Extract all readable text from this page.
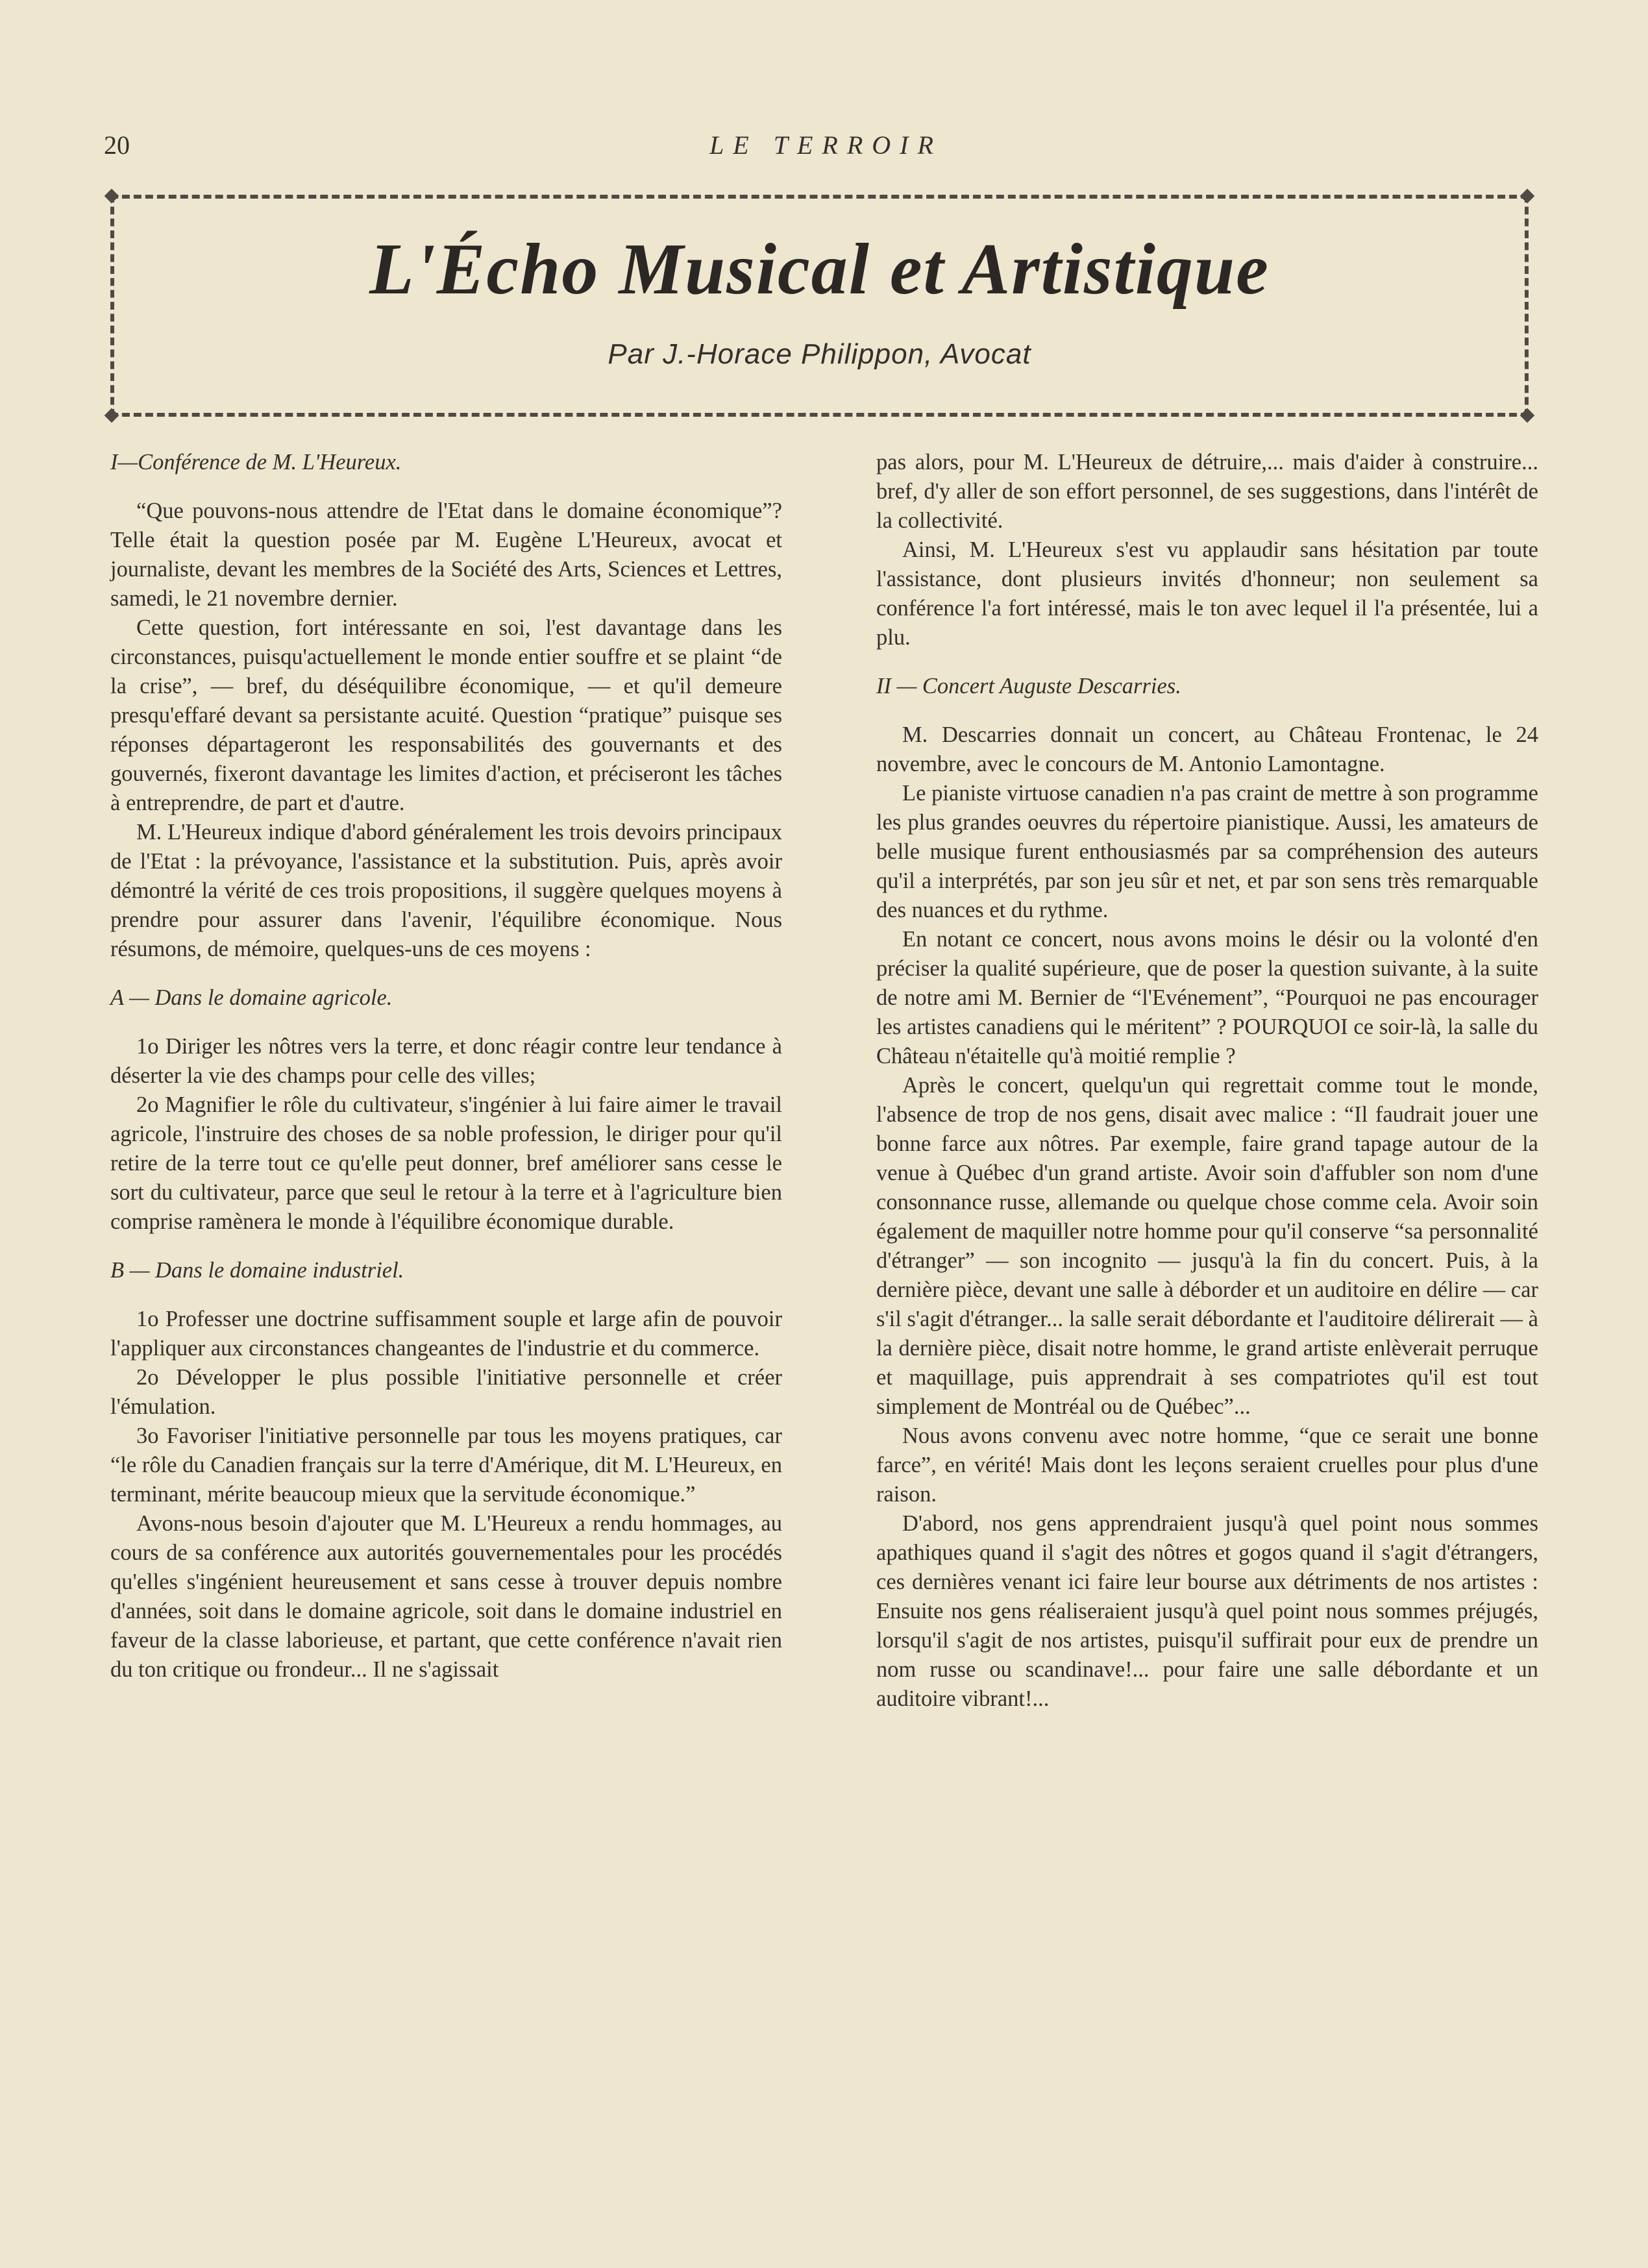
20	LE TERROIR
L'Écho Musical et Artistique
Par J.-Horace Philippon, Avocat

I—Conférence de M. L'Heureux.

“Que pouvons-nous attendre de l'Etat dans le domaine économique”? Telle était la question posée par M. Eugène L'Heureux, avocat et journaliste, devant les membres de la Société des Arts, Sciences et Lettres, samedi, le 21 novembre dernier.

Cette question, fort intéressante en soi, l'est davantage dans les circonstances, puisqu'actuellement le monde entier souffre et se plaint “de la crise”, — bref, du déséquilibre économique, — et qu'il demeure presqu'effaré devant sa persistante acuité. Question “pratique” puisque ses réponses départageront les responsabilités des gouvernants et des gouvernés, fixeront davantage les limites d'action, et préciseront les tâches à entreprendre, de part et d'autre.

M. L'Heureux indique d'abord généralement les trois devoirs principaux de l'Etat : la prévoyance, l'assistance et la substitution. Puis, après avoir démontré la vérité de ces trois propositions, il suggère quelques moyens à prendre pour assurer dans l'avenir, l'équilibre économique. Nous résumons, de mémoire, quelques-uns de ces moyens :

A — Dans le domaine agricole.

1o Diriger les nôtres vers la terre, et donc réagir contre leur tendance à déserter la vie des champs pour celle des villes;

2o Magnifier le rôle du cultivateur, s'ingénier à lui faire aimer le travail agricole, l'instruire des choses de sa noble profession, le diriger pour qu'il retire de la terre tout ce qu'elle peut donner, bref améliorer sans cesse le sort du cultivateur, parce que seul le retour à la terre et à l'agriculture bien comprise ramènera le monde à l'équilibre économique durable.

B — Dans le domaine industriel.

1o Professer une doctrine suffisamment souple et large afin de pouvoir l'appliquer aux circonstances changeantes de l'industrie et du commerce.

2o Développer le plus possible l'initiative personnelle et créer l'émulation.

3o Favoriser l'initiative personnelle par tous les moyens pratiques, car “le rôle du Canadien français sur la terre d'Amérique, dit M. L'Heureux, en terminant, mérite beaucoup mieux que la servitude économique.”

Avons-nous besoin d'ajouter que M. L'Heureux a rendu hommages, au cours de sa conférence aux autorités gouvernementales pour les procédés qu'elles s'ingénient heureusement et sans cesse à trouver depuis nombre d'années, soit dans le domaine agricole, soit dans le domaine industriel en faveur de la classe laborieuse, et partant, que cette conférence n'avait rien du ton critique ou frondeur... Il ne s'agissait

pas alors, pour M. L'Heureux de détruire,... mais d'aider à construire... bref, d'y aller de son effort personnel, de ses suggestions, dans l'intérêt de la collectivité.

Ainsi, M. L'Heureux s'est vu applaudir sans hésitation par toute l'assistance, dont plusieurs invités d'honneur; non seulement sa conférence l'a fort intéressé, mais le ton avec lequel il l'a présentée, lui a plu.

II — Concert Auguste Descarries.

M. Descarries donnait un concert, au Château Frontenac, le 24 novembre, avec le concours de M. Antonio Lamontagne.

Le pianiste virtuose canadien n'a pas craint de mettre à son programme les plus grandes oeuvres du répertoire pianistique. Aussi, les amateurs de belle musique furent enthousiasmés par sa compréhension des auteurs qu'il a interprétés, par son jeu sûr et net, et par son sens très remarquable des nuances et du rythme.

En notant ce concert, nous avons moins le désir ou la volonté d'en préciser la qualité supérieure, que de poser la question suivante, à la suite de notre ami M. Bernier de “l'Evénement”, “Pourquoi ne pas encourager les artistes canadiens qui le méritent” ? POURQUOI ce soir-là, la salle du Château n'étaitelle qu'à moitié remplie ?

Après le concert, quelqu'un qui regrettait comme tout le monde, l'absence de trop de nos gens, disait avec malice : “Il faudrait jouer une bonne farce aux nôtres. Par exemple, faire grand tapage autour de la venue à Québec d'un grand artiste. Avoir soin d'affubler son nom d'une consonnance russe, allemande ou quelque chose comme cela. Avoir soin également de maquiller notre homme pour qu'il conserve “sa personnalité d'étranger” — son incognito — jusqu'à la fin du concert. Puis, à la dernière pièce, devant une salle à déborder et un auditoire en délire — car s'il s'agit d'étranger... la salle serait débordante et l'auditoire délirerait — à la dernière pièce, disait notre homme, le grand artiste enlèverait perruque et maquillage, puis apprendrait à ses compatriotes qu'il est tout simplement de Montréal ou de Québec”...

Nous avons convenu avec notre homme, “que ce serait une bonne farce”, en vérité! Mais dont les leçons seraient cruelles pour plus d'une raison.

D'abord, nos gens apprendraient jusqu'à quel point nous sommes apathiques quand il s'agit des nôtres et gogos quand il s'agit d'étrangers, ces dernières venant ici faire leur bourse aux détriments de nos artistes : Ensuite nos gens réaliseraient jusqu'à quel point nous sommes préjugés, lorsqu'il s'agit de nos artistes, puisqu'il suffirait pour eux de prendre un nom russe ou scandinave!... pour faire une salle débordante et un auditoire vibrant!...
